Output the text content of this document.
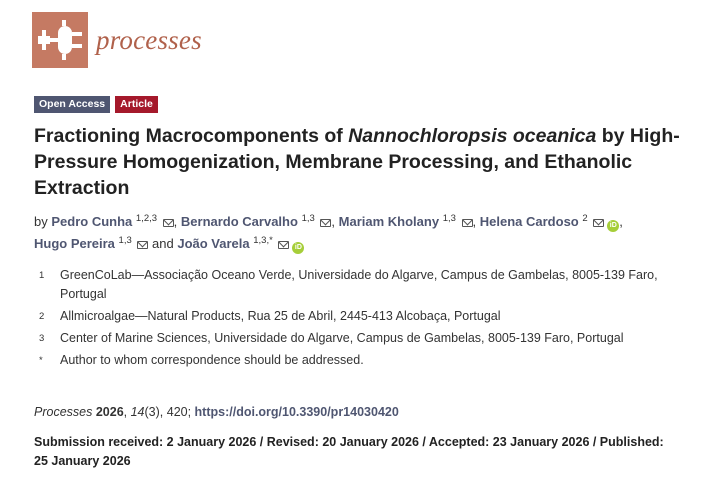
processes
Open Access	Article
Fractioning Macrocomponents of Nannochloropsis oceanica by High-Pressure Homogenization, Membrane Processing, and Ethanolic Extraction
by Pedro Cunha $^{1,2,3}$ , Bernardo Carvalho $^{1,3}$ , Mariam Kholany $^{1,3}$ , Helena Cardoso $^2$ iD ,
Hugo Pereira $^{1,3}$ and João Varela $^{1,3,*}$ iD
1	GreenCoLab—Associação Oceano Verde, Universidade do Algarve, Campus de Gambelas, 8005-139 Faro, Portugal
2	Allmicroalgae—Natural Products, Rua 25 de Abril, 2445-413 Alcobaça, Portugal
3	Center of Marine Sciences, Universidade do Algarve, Campus de Gambelas, 8005-139 Faro, Portugal
*	Author to whom correspondence should be addressed.
Processes 2026, 14(3), 420; https://doi.org/10.3390/pr14030420
Submission received: 2 January 2026 / Revised: 20 January 2026 / Accepted: 23 January 2026 / Published: 25 January 2026
